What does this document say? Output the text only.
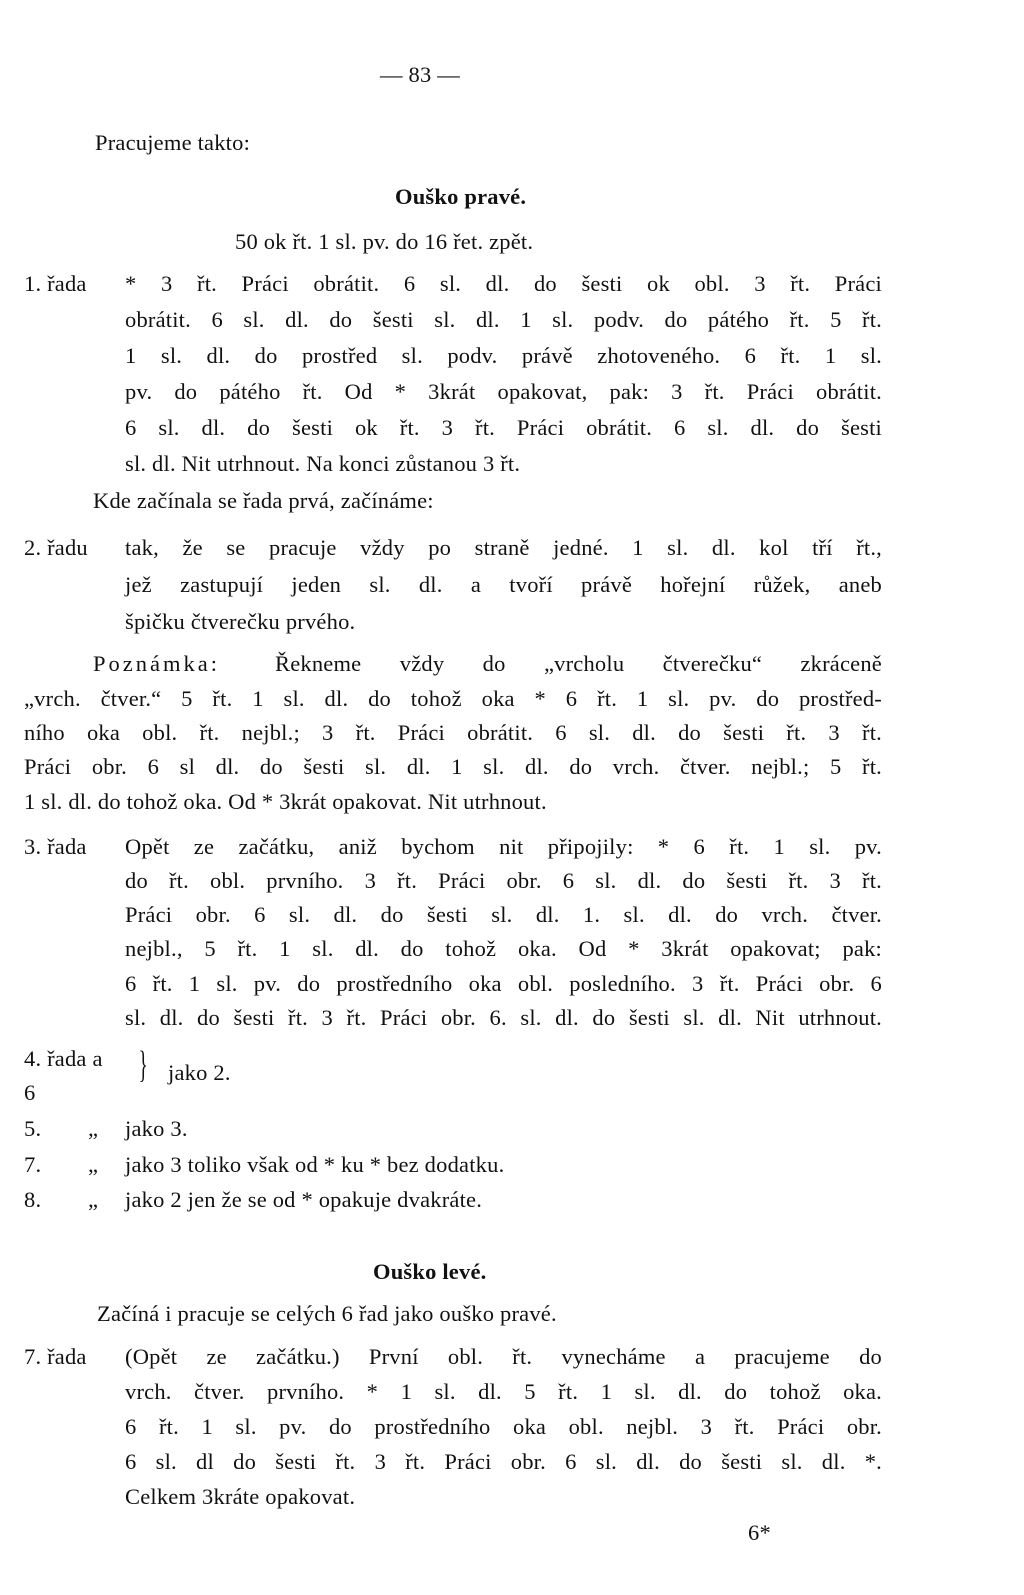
— 83 —
Pracujeme takto:
Ouško pravé.
50 ok řt. 1 sl. pv. do 16 řet. zpět.
1. řada * 3 řt. Práci obrátit. 6 sl. dl. do šesti ok obl. 3 řt. Práci
obrátit. 6 sl. dl. do šesti sl. dl. 1 sl. podv. do pátého řt. 5 řt.
1 sl. dl. do prostřed sl. podv. právě zhotoveného. 6 řt. 1 sl.
pv. do pátého řt. Od * 3krát opakovat, pak: 3 řt. Práci obrátit.
6 sl. dl. do šesti ok řt. 3 řt. Práci obrátit. 6 sl. dl. do šesti
sl. dl. Nit utrhnout. Na konci zůstanou 3 řt.
Kde začínala se řada prvá, začínáme:
2. řadu tak, že se pracuje vždy po straně jedné. 1 sl. dl. kol tří řt.,
jež zastupují jeden sl. dl. a tvoří právě hořejní růžek, aneb
špičku čtverečku prvého.
Poznámka: Řekneme vždy do „vrcholu čtverečku“ zkráceně
„vrch. čtver.“ 5 řt. 1 sl. dl. do tohož oka * 6 řt. 1 sl. pv. do prostřed-
ního oka obl. řt. nejbl.; 3 řt. Práci obrátit. 6 sl. dl. do šesti řt. 3 řt.
Práci obr. 6 sl dl. do šesti sl. dl. 1 sl. dl. do vrch. čtver. nejbl.; 5 řt.
1 sl. dl. do tohož oka. Od * 3krát opakovat. Nit utrhnout.
3. řada Opět ze začátku, aniž bychom nit připojily: * 6 řt. 1 sl. pv.
do řt. obl. prvního. 3 řt. Práci obr. 6 sl. dl. do šesti řt. 3 řt.
Práci obr. 6 sl. dl. do šesti sl. dl. 1. sl. dl. do vrch. čtver.
nejbl., 5 řt. 1 sl. dl. do tohož oka. Od * 3krát opakovat; pak:
6 řt. 1 sl. pv. do prostředního oka obl. posledního. 3 řt. Práci obr. 6
sl. dl. do šesti řt. 3 řt. Práci obr. 6. sl. dl. do šesti sl. dl. Nit utrhnout.
4. řada a
6
} jako 2.
5. „ jako 3.
7. „ jako 3 toliko však od * ku * bez dodatku.
8. „ jako 2 jen že se od * opakuje dvakráte.
Ouško levé.
Začíná i pracuje se celých 6 řad jako ouško pravé.
7. řada (Opět ze začátku.) První obl. řt. vynecháme a pracujeme do
vrch. čtver. prvního. * 1 sl. dl. 5 řt. 1 sl. dl. do tohož oka.
6 řt. 1 sl. pv. do prostředního oka obl. nejbl. 3 řt. Práci obr.
6 sl. dl do šesti řt. 3 řt. Práci obr. 6 sl. dl. do šesti sl. dl. *.
Celkem 3kráte opakovat.
6*
